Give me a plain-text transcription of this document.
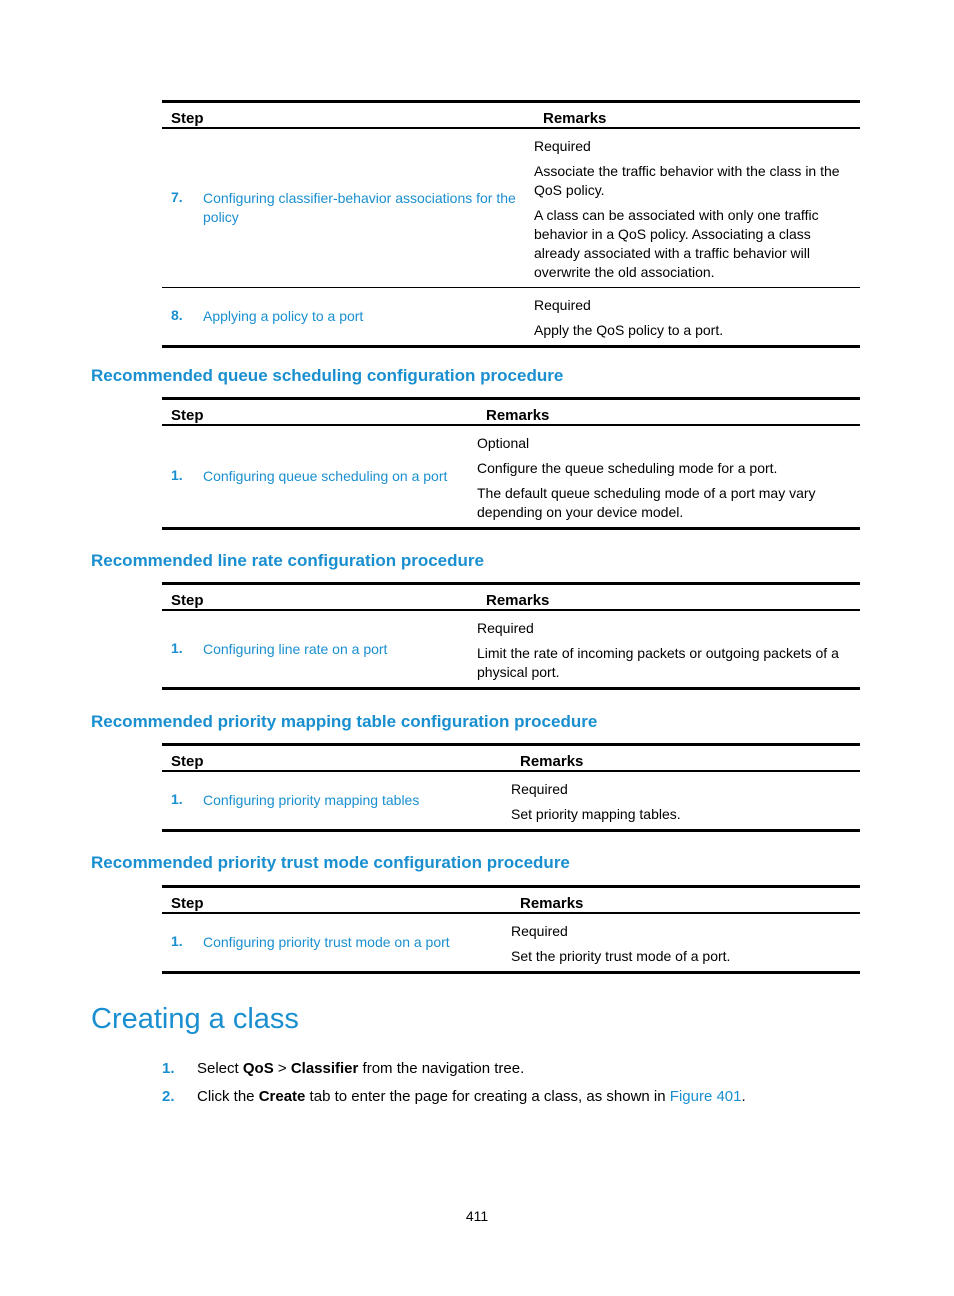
Step	Remarks
7. Configuring classifier-behavior associations for the policy	Required

Associate the traffic behavior with the class in the QoS policy.

A class can be associated with only one traffic behavior in a QoS policy. Associating a class already associated with a traffic behavior will overwrite the old association.

8. Applying a policy to a port	Required

Apply the QoS policy to a port.

Recommended queue scheduling configuration procedure
Step	Remarks
1. Configuring queue scheduling on a port	Optional

Configure the queue scheduling mode for a port.

The default queue scheduling mode of a port may vary depending on your device model.

Recommended line rate configuration procedure
Step	Remarks
1. Configuring line rate on a port	Required

Limit the rate of incoming packets or outgoing packets of a physical port.

Recommended priority mapping table configuration procedure
Step	Remarks
1. Configuring priority mapping tables	Required

Set priority mapping tables.

Recommended priority trust mode configuration procedure
Step	Remarks
1. Configuring priority trust mode on a port	Required

Set the priority trust mode of a port.

Creating a class

1. Select QoS > Classifier from the navigation tree.

2. Click the Create tab to enter the page for creating a class, as shown in Figure 401.

411
